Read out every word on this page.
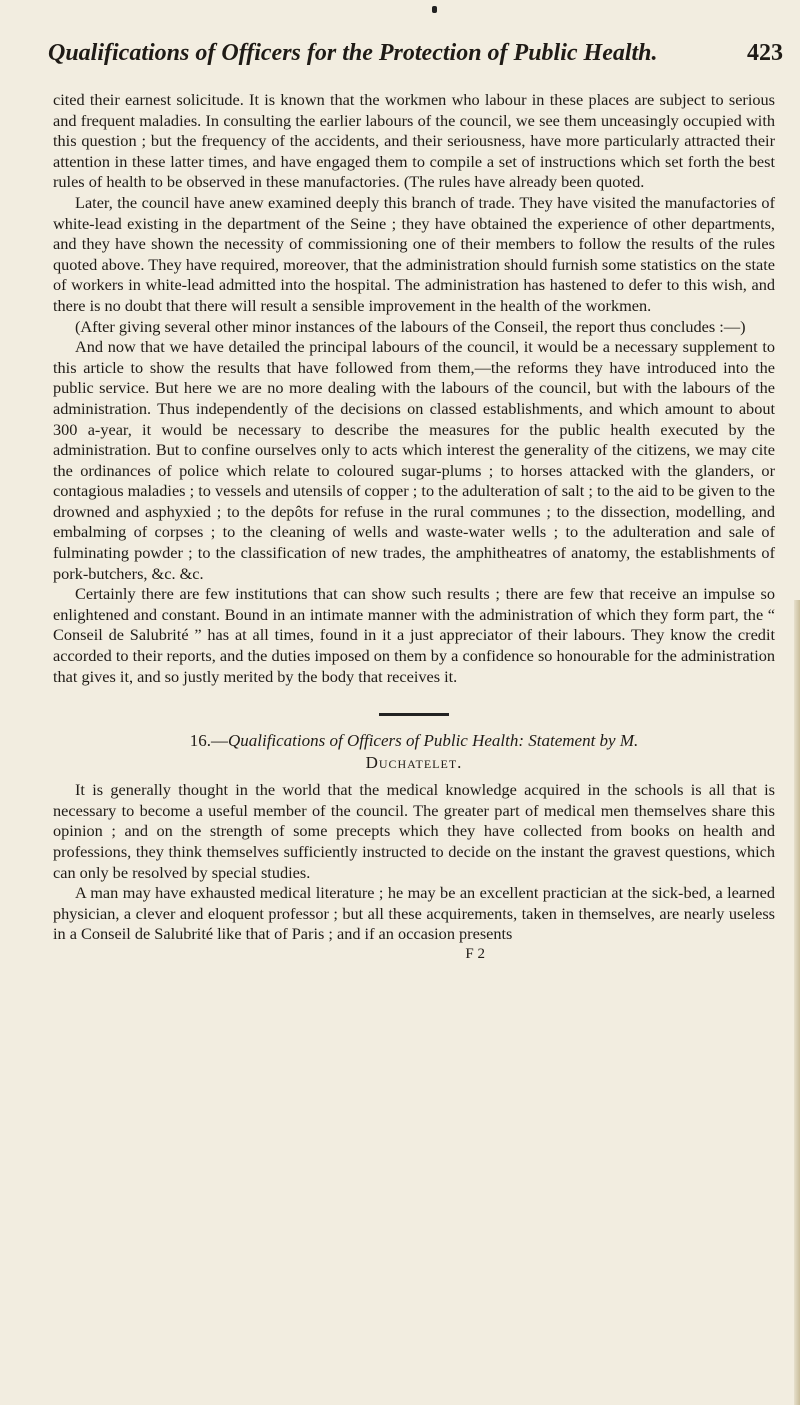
Qualifications of Officers for the Protection of Public Health.	423

cited their earnest solicitude. It is known that the workmen who labour in these places are subject to serious and frequent maladies. In consulting the earlier labours of the council, we see them unceasingly occupied with this question ; but the frequency of the accidents, and their seriousness, have more particularly attracted their attention in these latter times, and have engaged them to compile a set of instructions which set forth the best rules of health to be observed in these manufactories. (The rules have already been quoted.

Later, the council have anew examined deeply this branch of trade. They have visited the manufactories of white-lead existing in the department of the Seine ; they have obtained the experience of other departments, and they have shown the necessity of commissioning one of their members to follow the results of the rules quoted above. They have required, moreover, that the administration should furnish some statistics on the state of workers in white-lead admitted into the hospital. The administration has hastened to defer to this wish, and there is no doubt that there will result a sensible improvement in the health of the workmen.

(After giving several other minor instances of the labours of the Conseil, the report thus concludes :—)

And now that we have detailed the principal labours of the council, it would be a necessary supplement to this article to show the results that have followed from them,—the reforms they have introduced into the public service. But here we are no more dealing with the labours of the council, but with the labours of the administration. Thus independently of the decisions on classed establishments, and which amount to about 300 a-year, it would be necessary to describe the measures for the public health executed by the administration. But to confine ourselves only to acts which interest the generality of the citizens, we may cite the ordinances of police which relate to coloured sugar-plums ; to horses attacked with the glanders, or contagious maladies ; to vessels and utensils of copper ; to the adulteration of salt ; to the aid to be given to the drowned and asphyxied ; to the depôts for refuse in the rural communes ; to the dissection, modelling, and embalming of corpses ; to the cleaning of wells and waste-water wells ; to the adulteration and sale of fulminating powder ; to the classification of new trades, the amphitheatres of anatomy, the establishments of pork-butchers, &c. &c.

Certainly there are few institutions that can show such results ; there are few that receive an impulse so enlightened and constant. Bound in an intimate manner with the administration of which they form part, the “ Conseil de Salubrité ” has at all times, found in it a just appreciator of their labours. They know the credit accorded to their reports, and the duties imposed on them by a confidence so honourable for the administration that gives it, and so justly merited by the body that receives it.

16.—Qualifications of Officers of Public Health: Statement by M.
Duchatelet.

It is generally thought in the world that the medical knowledge acquired in the schools is all that is necessary to become a useful member of the council. The greater part of medical men themselves share this opinion ; and on the strength of some precepts which they have collected from books on health and professions, they think themselves sufficiently instructed to decide on the instant the gravest questions, which can only be resolved by special studies.

A man may have exhausted medical literature ; he may be an excellent practician at the sick-bed, a learned physician, a clever and eloquent professor ; but all these acquirements, taken in themselves, are nearly useless in a Conseil de Salubrité like that of Paris ; and if an occasion presents

F 2
